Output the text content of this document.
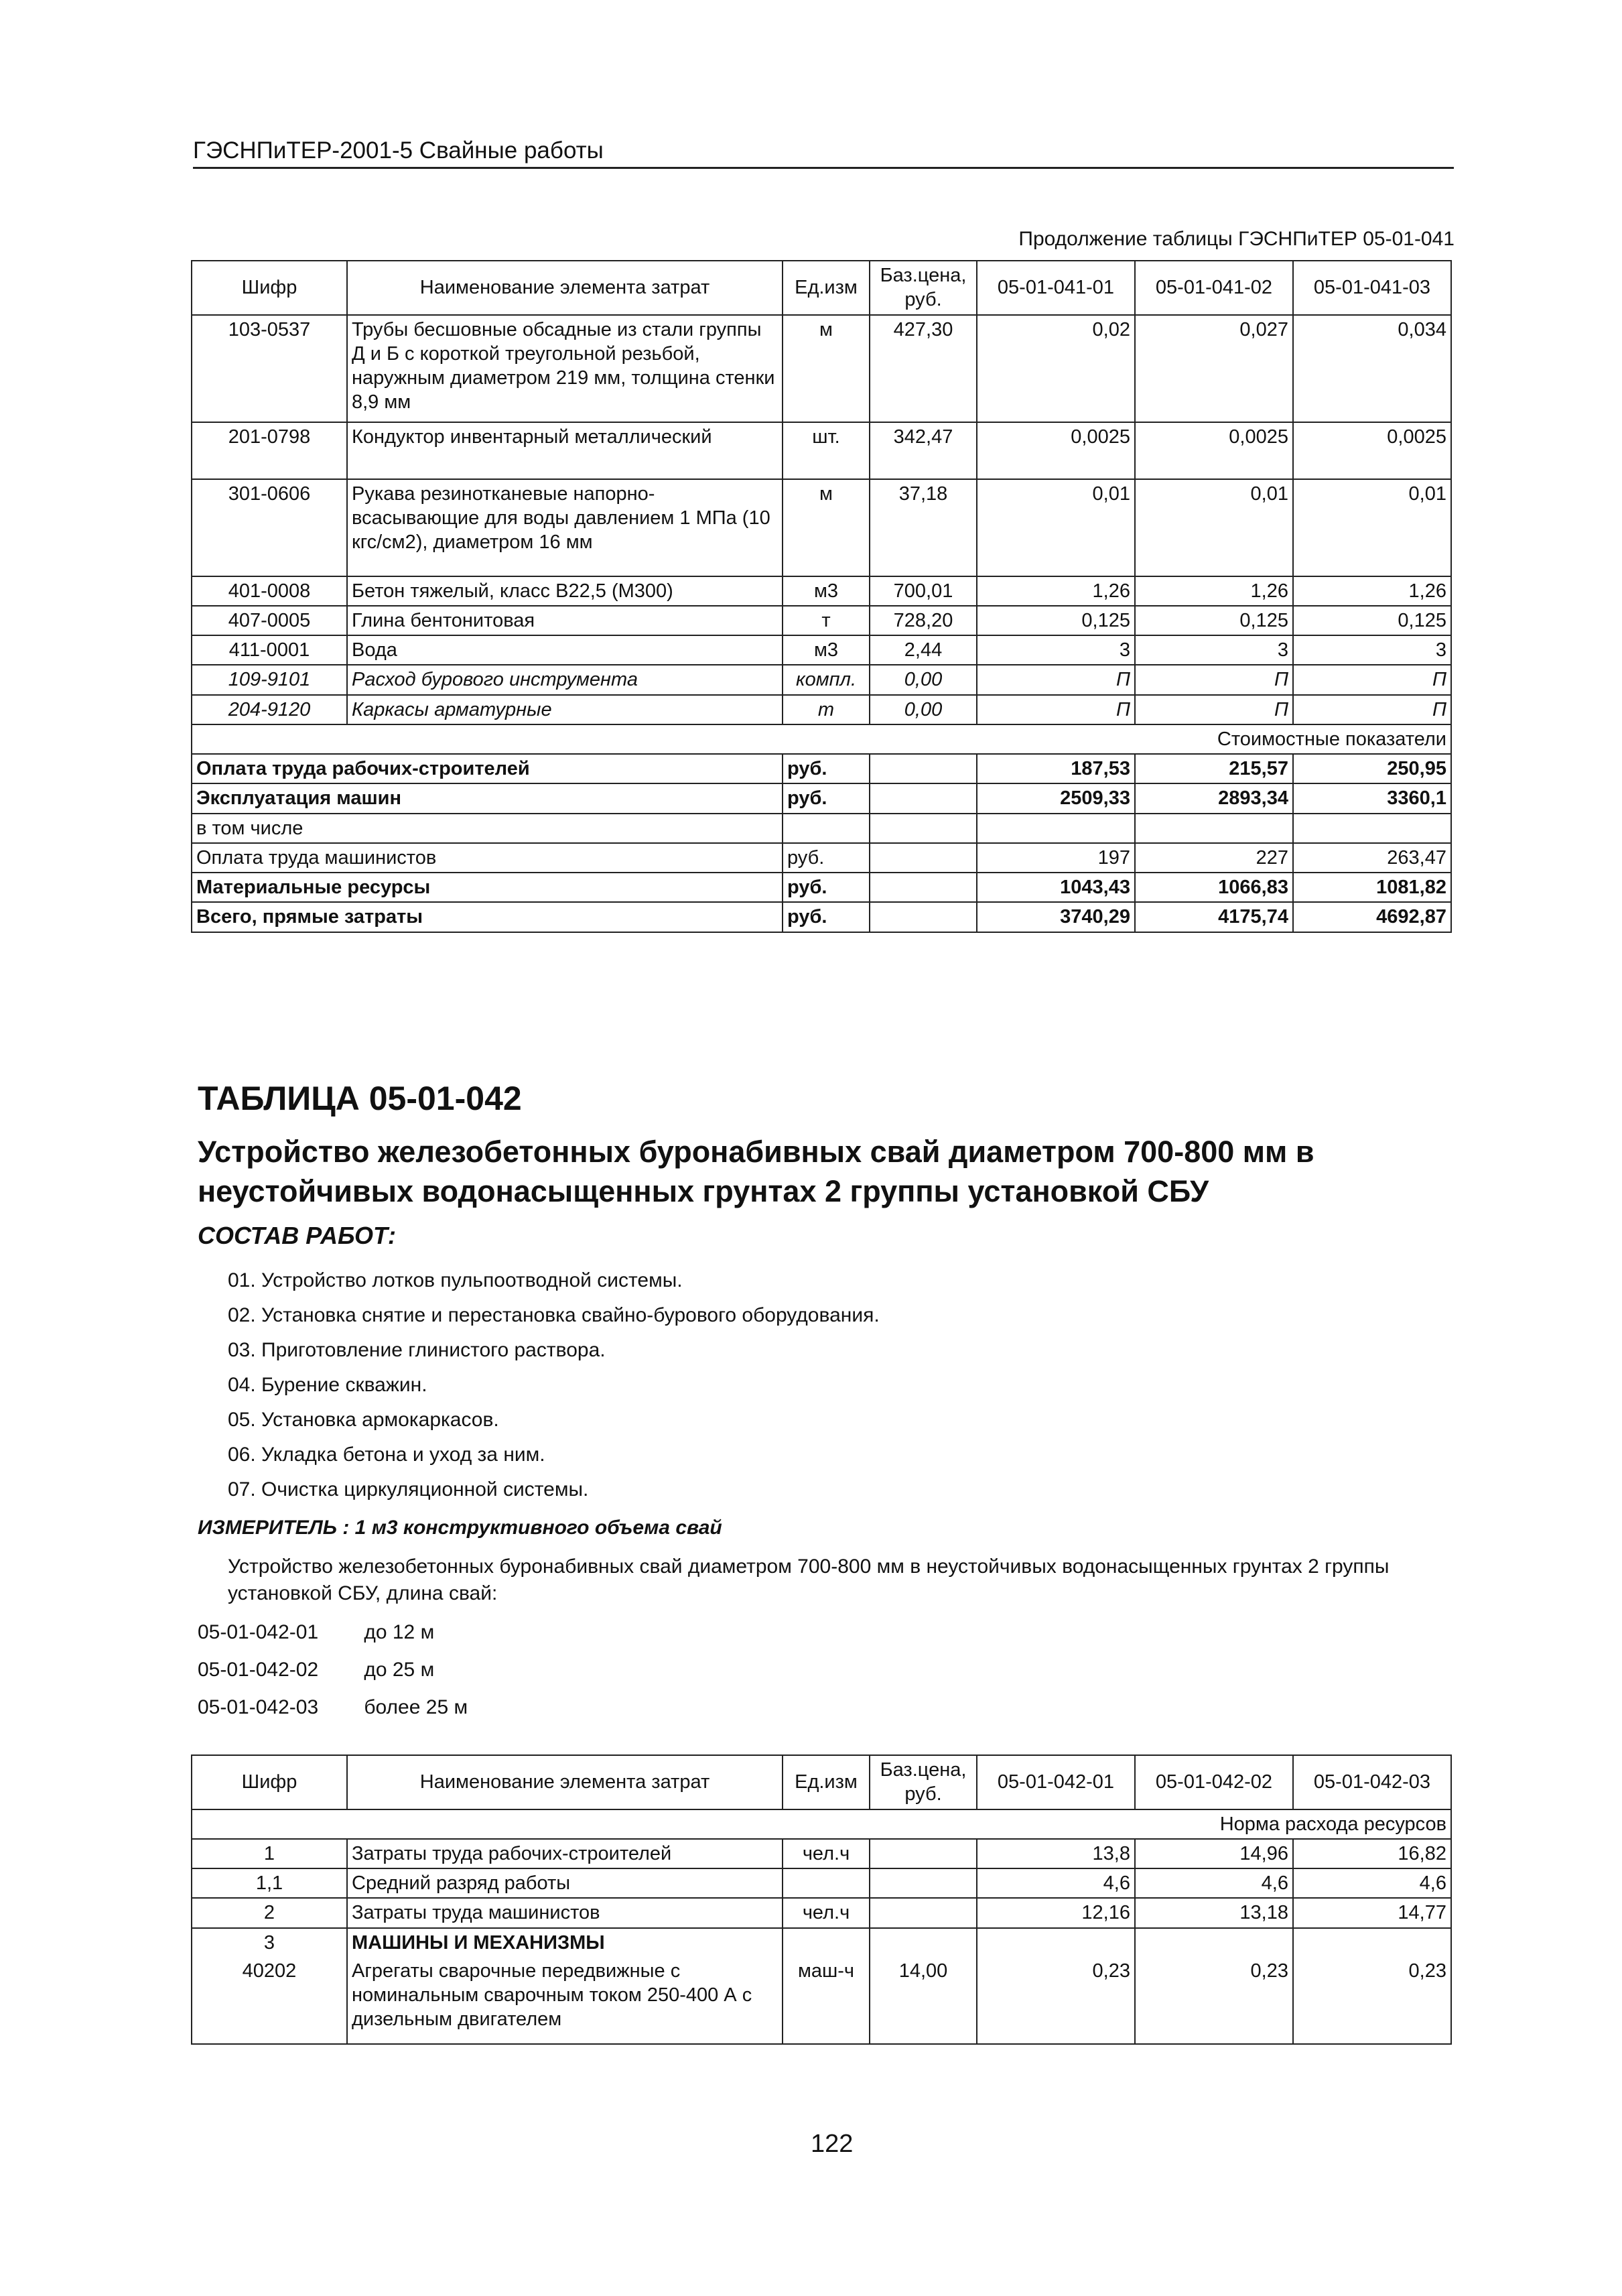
ГЭСНПиТЕР-2001-5 Свайные работы
Продолжение таблицы ГЭСНПиТЕР 05-01-041
Шифр	Наименование элемента затрат	Ед.изм	Баз.цена, руб.	05-01-041-01	05-01-041-02	05-01-041-03
103-0537	Трубы бесшовные обсадные из стали группы Д и Б с короткой треугольной резьбой, наружным диаметром 219 мм, толщина стенки 8,9 мм	м	427,30	0,02	0,027	0,034
201-0798	Кондуктор инвентарный металлический	шт.	342,47	0,0025	0,0025	0,0025
301-0606	Рукава резинотканевые напорно-всасывающие для воды давлением 1 МПа (10 кгс/см2), диаметром 16 мм	м	37,18	0,01	0,01	0,01
401-0008	Бетон тяжелый, класс В22,5 (М300)	м3	700,01	1,26	1,26	1,26
407-0005	Глина бентонитовая	т	728,20	0,125	0,125	0,125
411-0001	Вода	м3	2,44	3	3	3
109-9101	Расход бурового инструмента	компл.	0,00	П	П	П
204-9120	Каркасы арматурные	т	0,00	П	П	П
Стоимостные показатели						
Оплата труда рабочих-строителей		руб.		187,53	215,57	250,95
Эксплуатация машин		руб.		2509,33	2893,34	3360,1
в том числе						
Оплата труда машинистов		руб.		197	227	263,47
Материальные ресурсы		руб.		1043,43	1066,83	1081,82
Всего, прямые затраты		руб.		3740,29	4175,74	4692,87
ТАБЛИЦА 05-01-042
Устройство железобетонных буронабивных свай диаметром 700-800 мм в неустойчивых водонасыщенных грунтах 2 группы установкой СБУ
СОСТАВ РАБОТ:
01. Устройство лотков пульпоотводной системы.
02. Установка снятие и перестановка свайно-бурового оборудования.
03. Приготовление глинистого раствора.
04. Бурение скважин.
05. Установка армокаркасов.
06. Укладка бетона и уход за ним.
07. Очистка циркуляционной системы.
ИЗМЕРИТЕЛЬ : 1 м3 конструктивного объема свай
Устройство железобетонных буронабивных свай диаметром 700-800 мм в неустойчивых водонасыщенных грунтах 2 группы установкой СБУ, длина свай:
05-01-042-01 до 12 м
05-01-042-02 до 25 м
05-01-042-03 более 25 м
Шифр	Наименование элемента затрат	Ед.изм	Баз.цена, руб.	05-01-042-01	05-01-042-02	05-01-042-03
Норма расхода ресурсов						
1	Затраты труда рабочих-строителей	чел.ч		13,8	14,96	16,82
1,1	Средний разряд работы			4,6	4,6	4,6
2	Затраты труда машинистов	чел.ч		12,16	13,18	14,77
3	МАШИНЫ И МЕХАНИЗМЫ					
40202	Агрегаты сварочные передвижные с номинальным сварочным током 250-400 А с дизельным двигателем	маш-ч	14,00	0,23	0,23	0,23
122
